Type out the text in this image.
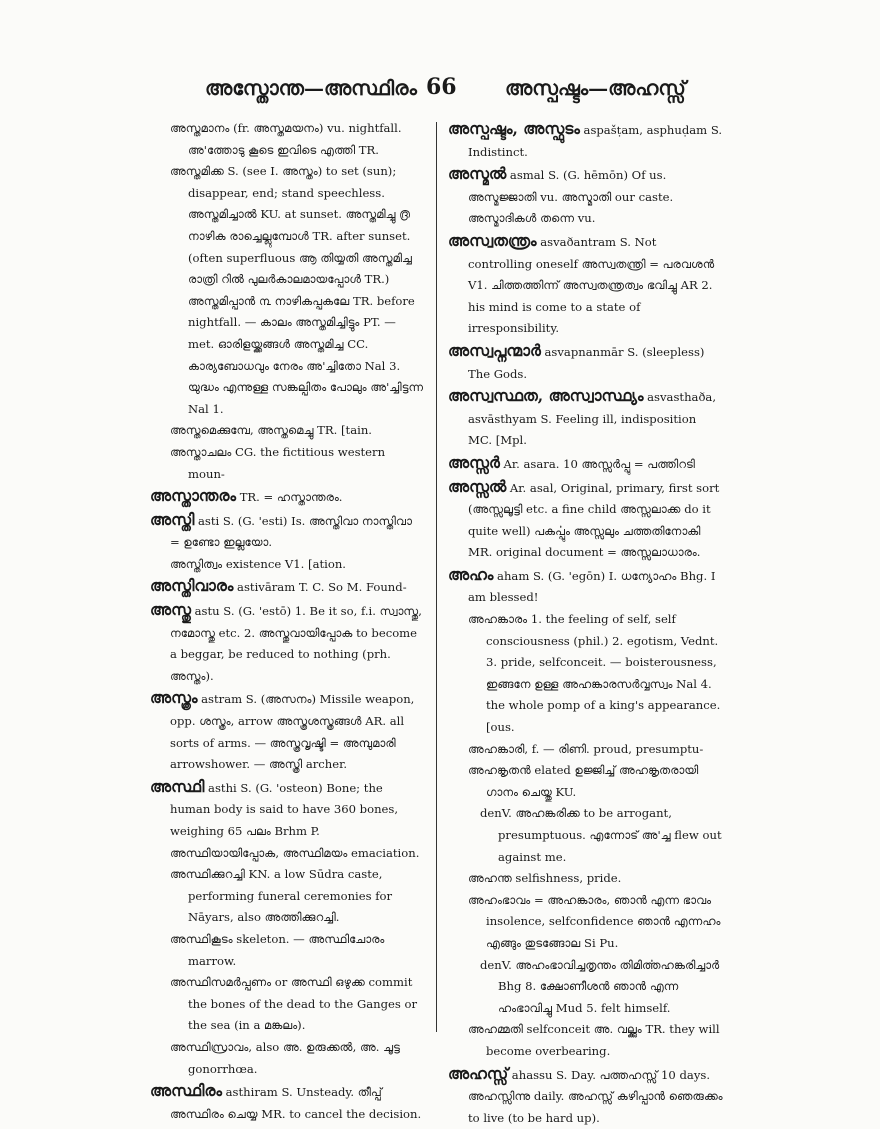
അസ്തോന്ത—അസ്ഥിരം 66 അസ്പഷ്ടം—അഹസ്സ്

അസ്തമാനം (fr. അസ്തമയനം) vu. nightfall. അ'ത്തോടു കൂടെ ഇവിടെ എത്തി TR.

അസ്തമിക്ക S. (see I. അസ്തം) to set (sun); disappear, end; stand speechless. അസ്തമിച്ചാൽ KU. at sunset. അസ്തമിച്ചു ൫ നാഴിക രാച്ചെല്ലുമ്പോൾ TR. after sunset. (often superfluous ആ തിയ്യതി അസ്തമിച്ച രാത്രി റിൽ പുലർകാലമായപ്പോൾ TR.) അസ്തമിപ്പാൻ ൩ നാഴികപ്പകലേ TR. before nightfall. — കാലം അസ്തമിച്ചിട്ടും PT. — met. ഓരിളയ്ക്കങ്ങൾ അസ്തമിച്ച CC. കാര്യബോധവും നേരം അ'ച്ചിതോ Nal 3. യുദ്ധം എന്നുള്ള സങ്കല്പിതം പോലും അ'ച്ചിട്ടന്ന Nal 1.

അസ്തമെക്കുമ്പേ, അസ്തമെച്ചു TR. [tain.

അസ്താചലം CG. the fictitious western moun-

അസ്താന്തരം TR. = ഹസ്താന്തരം.

അസ്തി asti S. (G. 'esti) Is. അസ്തിവാ നാസ്തിവാ = ഉണ്ടോ ഇല്ലയോ.

അസ്തിത്വം existence V1. [ation.

അസ്തിവാരം astivāram T. C. So M. Found-

അസ്തു astu S. (G. 'estō) 1. Be it so, f.i. സ്വാസ്തു, നമോസ്തു etc. 2. അസ്തുവായിപ്പോക to become a beggar, be reduced to nothing (prh. അസ്തം).

അസ്ത്രം astram S. (അസനം) Missile weapon, opp. ശസ്ത്രം, arrow അസ്ത്രശസ്ത്രങ്ങൾ AR. all sorts of arms. — അസ്ത്രവൃഷ്ടി = അമ്പുമാരി arrowshower. — അസ്ത്രി archer.

അസ്ഥി asthi S. (G. 'osteon) Bone; the human body is said to have 360 bones, weighing 65 പലം Brhm P. അസ്ഥിയായിപ്പോക, അസ്ഥിമയം emaciation.

അസ്ഥിക്കുറച്ചി KN. a low Sūdra caste, performing funeral ceremonies for Nāyars, also അത്തിക്കുറച്ചി.

അസ്ഥികൂടം skeleton. — അസ്ഥിചോരം marrow.

അസ്ഥിസമർപ്പണം or അസ്ഥി ഒഴുക്ക commit the bones of the dead to the Ganges or the sea (in a മങ്കലം).

അസ്ഥിസ്രാവം, also അ. ഉരുക്കൽ, അ. ചൂട്ട gonorrhœa.

അസ്ഥിരം asthiram S. Unsteady. തീപ്പ് അസ്ഥിരം ചെയ്യ MR. to cancel the decision.

അസ്പഷ്ടം, അസ്ഫുടം aspašṭam, asphuḍam S. Indistinct.

അസ്മൽ asmal S. (G. hēmōn) Of us. അസ്മജ്ജാതി vu. അസ്മാതി our caste. അസ്മാദികൾ തന്നെ vu.

അസ്വതന്ത്രം asvaðantram S. Not controlling oneself അസ്വതന്ത്രി = പരവശൻ V1. ചിത്തത്തിന്ന് അസ്വതന്ത്രത്വം ഭവിച്ചു AR 2. his mind is come to a state of irresponsibility.

അസ്വപ്നന്മാർ asvapnanmār S. (sleepless) The Gods.

അസ്വസ്ഥത, അസ്വാസ്ഥ്യം asvasthaða, asvāsthyam S. Feeling ill, indisposition MC. [Mpl.

അസ്സർ Ar. asara. 10 അസ്സർപ്പു = പത്തിറടി

അസ്സൽ Ar. asal, Original, primary, first sort (അസ്സലൂട്ടി etc. a fine child അസ്സലാക്ക do it quite well) പകൎപ്പും അസ്സലും ചത്തതിനോകി MR. original document = അസ്സലാധാരം.

അഹം aham S. (G. 'egōn) I. ധന്യോഹം Bhg. I am blessed!

അഹങ്കാരം 1. the feeling of self, self consciousness (phil.) 2. egotism, Vednt. 3. pride, selfconceit. — boisterousness, ഇങ്ങനേ ഉള്ള അഹങ്കാരസർവ്വസ്വം Nal 4. the whole pomp of a king's appearance. [ous.

അഹങ്കാരി, f. — രിണി. proud, presumptu-

അഹങ്കൃതൻ elated ഉജ്ജിച്ച് അഹങ്കൃതരായി ഗാനം ചെയ്തു KU.

denV. അഹങ്കരിക്ക to be arrogant, presumptuous. എന്നോട് അ'ച്ച flew out against me.

അഹന്ത selfishness, pride.

അഹംഭാവം = അഹങ്കാരം, ഞാൻ എന്ന ഭാവം insolence, selfconfidence ഞാൻ എന്നഹം എങ്ങും തുടങ്ങോല Si Pu.

denV. അഹംഭാവിച്ചതൃന്തം തിമിൎത്തഹങ്കരിച്ചാർ Bhg 8. ക്ഷോണീശൻ ഞാൻ എന്ന ഹംഭാവിച്ചു Mud 5. felt himself.

അഹമ്മതി selfconceit അ. വല്ക്കും TR. they will become overbearing.

അഹസ്സ് ahassu S. Day. പത്തഹസ്സ് 10 days. അഹസ്സിന്നു daily. അഹസ്സ് കഴിപ്പാൻ ഞെരുക്കം to live (to be hard up).
